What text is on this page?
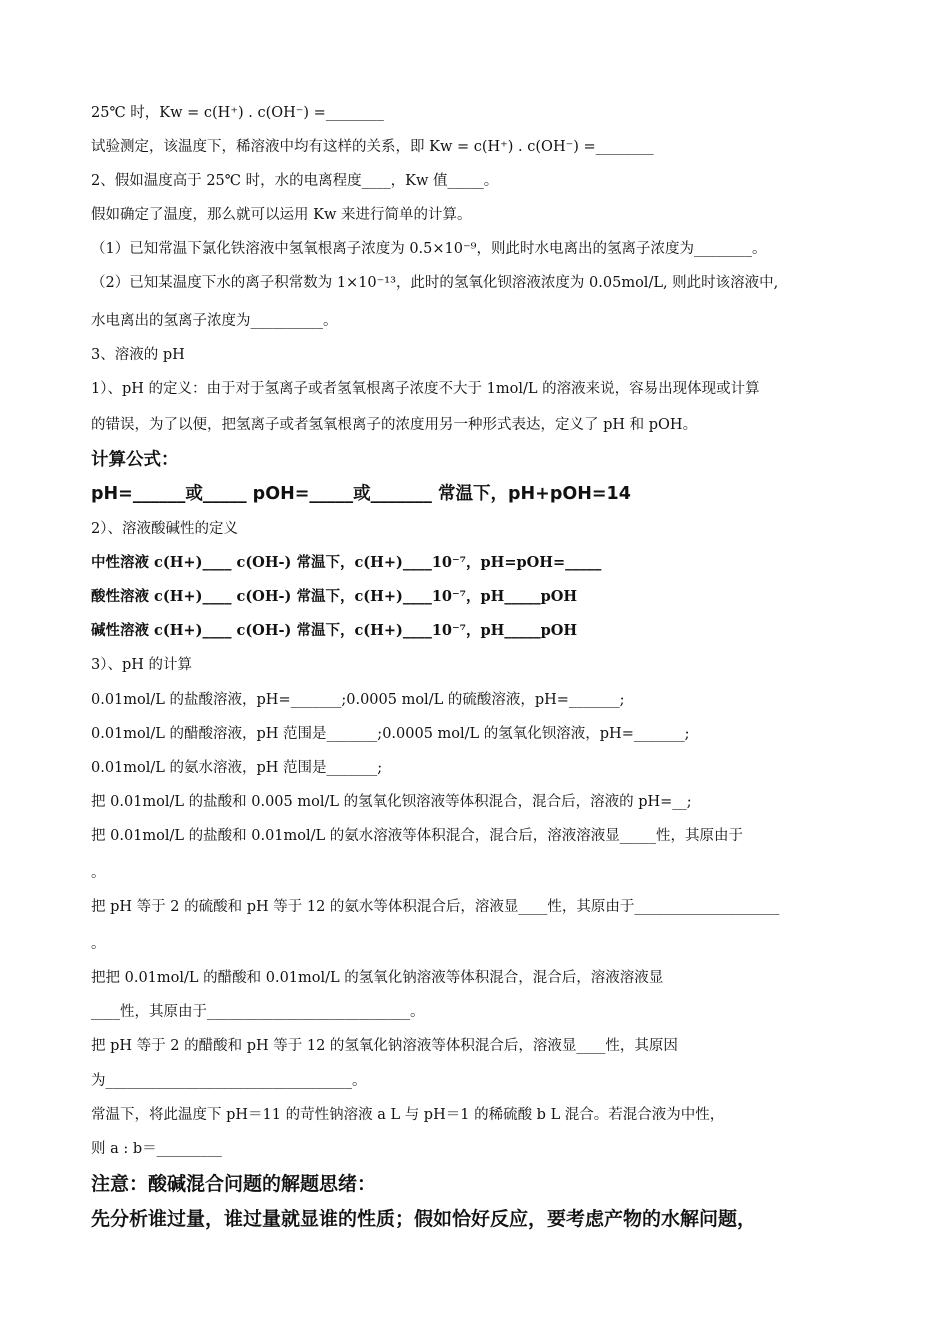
25℃ 时，Kw = c(H⁺) . c(OH⁻) =________
试验测定，该温度下，稀溶液中均有这样的关系，即 Kw = c(H⁺) . c(OH⁻) =________
2、假如温度高于 25℃ 时，水的电离程度____，Kw 值_____。
假如确定了温度，那么就可以运用 Kw 来进行简单的计算。
（1）已知常温下氯化铁溶液中氢氧根离子浓度为 0.5×10⁻⁹，则此时水电离出的氢离子浓度为________。
（2）已知某温度下水的离子积常数为 1×10⁻¹³，此时的氢氧化钡溶液浓度为 0.05mol/L, 则此时该溶液中,
水电离出的氢离子浓度为__________。
3、溶液的 pH
1）、pH 的定义：由于对于氢离子或者氢氧根离子浓度不大于 1mol/L 的溶液来说，容易出现体现或计算
的错误，为了以便，把氢离子或者氢氧根离子的浓度用另一种形式表达，定义了 pH 和 pOH。
计算公式：
pH=______或_____ pOH=_____或_______ 常温下，pH+pOH=14
2）、溶液酸碱性的定义
中性溶液 c(H+)____ c(OH-) 常温下，c(H+)____10⁻⁷，pH=pOH=_____
酸性溶液 c(H+)____ c(OH-) 常温下，c(H+)____10⁻⁷，pH_____pOH
碱性溶液 c(H+)____ c(OH-) 常温下，c(H+)____10⁻⁷，pH_____pOH
3）、pH 的计算
0.01mol/L 的盐酸溶液，pH=_______;0.0005 mol/L 的硫酸溶液，pH=_______;
0.01mol/L 的醋酸溶液，pH 范围是_______;0.0005 mol/L 的氢氧化钡溶液，pH=_______;
0.01mol/L 的氨水溶液，pH 范围是_______;
把 0.01mol/L 的盐酸和 0.005 mol/L 的氢氧化钡溶液等体积混合，混合后，溶液的 pH=__;
把 0.01mol/L 的盐酸和 0.01mol/L 的氨水溶液等体积混合，混合后，溶液溶液显_____性，其原由于
。
把 pH 等于 2 的硫酸和 pH 等于 12 的氨水等体积混合后，溶液显____性，其原由于____________________
。
把把 0.01mol/L 的醋酸和 0.01mol/L 的氢氧化钠溶液等体积混合，混合后，溶液溶液显
____性，其原由于____________________________。
把 pH 等于 2 的醋酸和 pH 等于 12 的氢氧化钠溶液等体积混合后，溶液显____性，其原因
为__________________________________。
常温下，将此温度下 pH＝11 的苛性钠溶液 a L 与 pH＝1 的稀硫酸 b L 混合。若混合液为中性，
则 a : b＝_________
注意：酸碱混合问题的解题思绪：
先分析谁过量，谁过量就显谁的性质；假如恰好反应，要考虑产物的水解问题，
